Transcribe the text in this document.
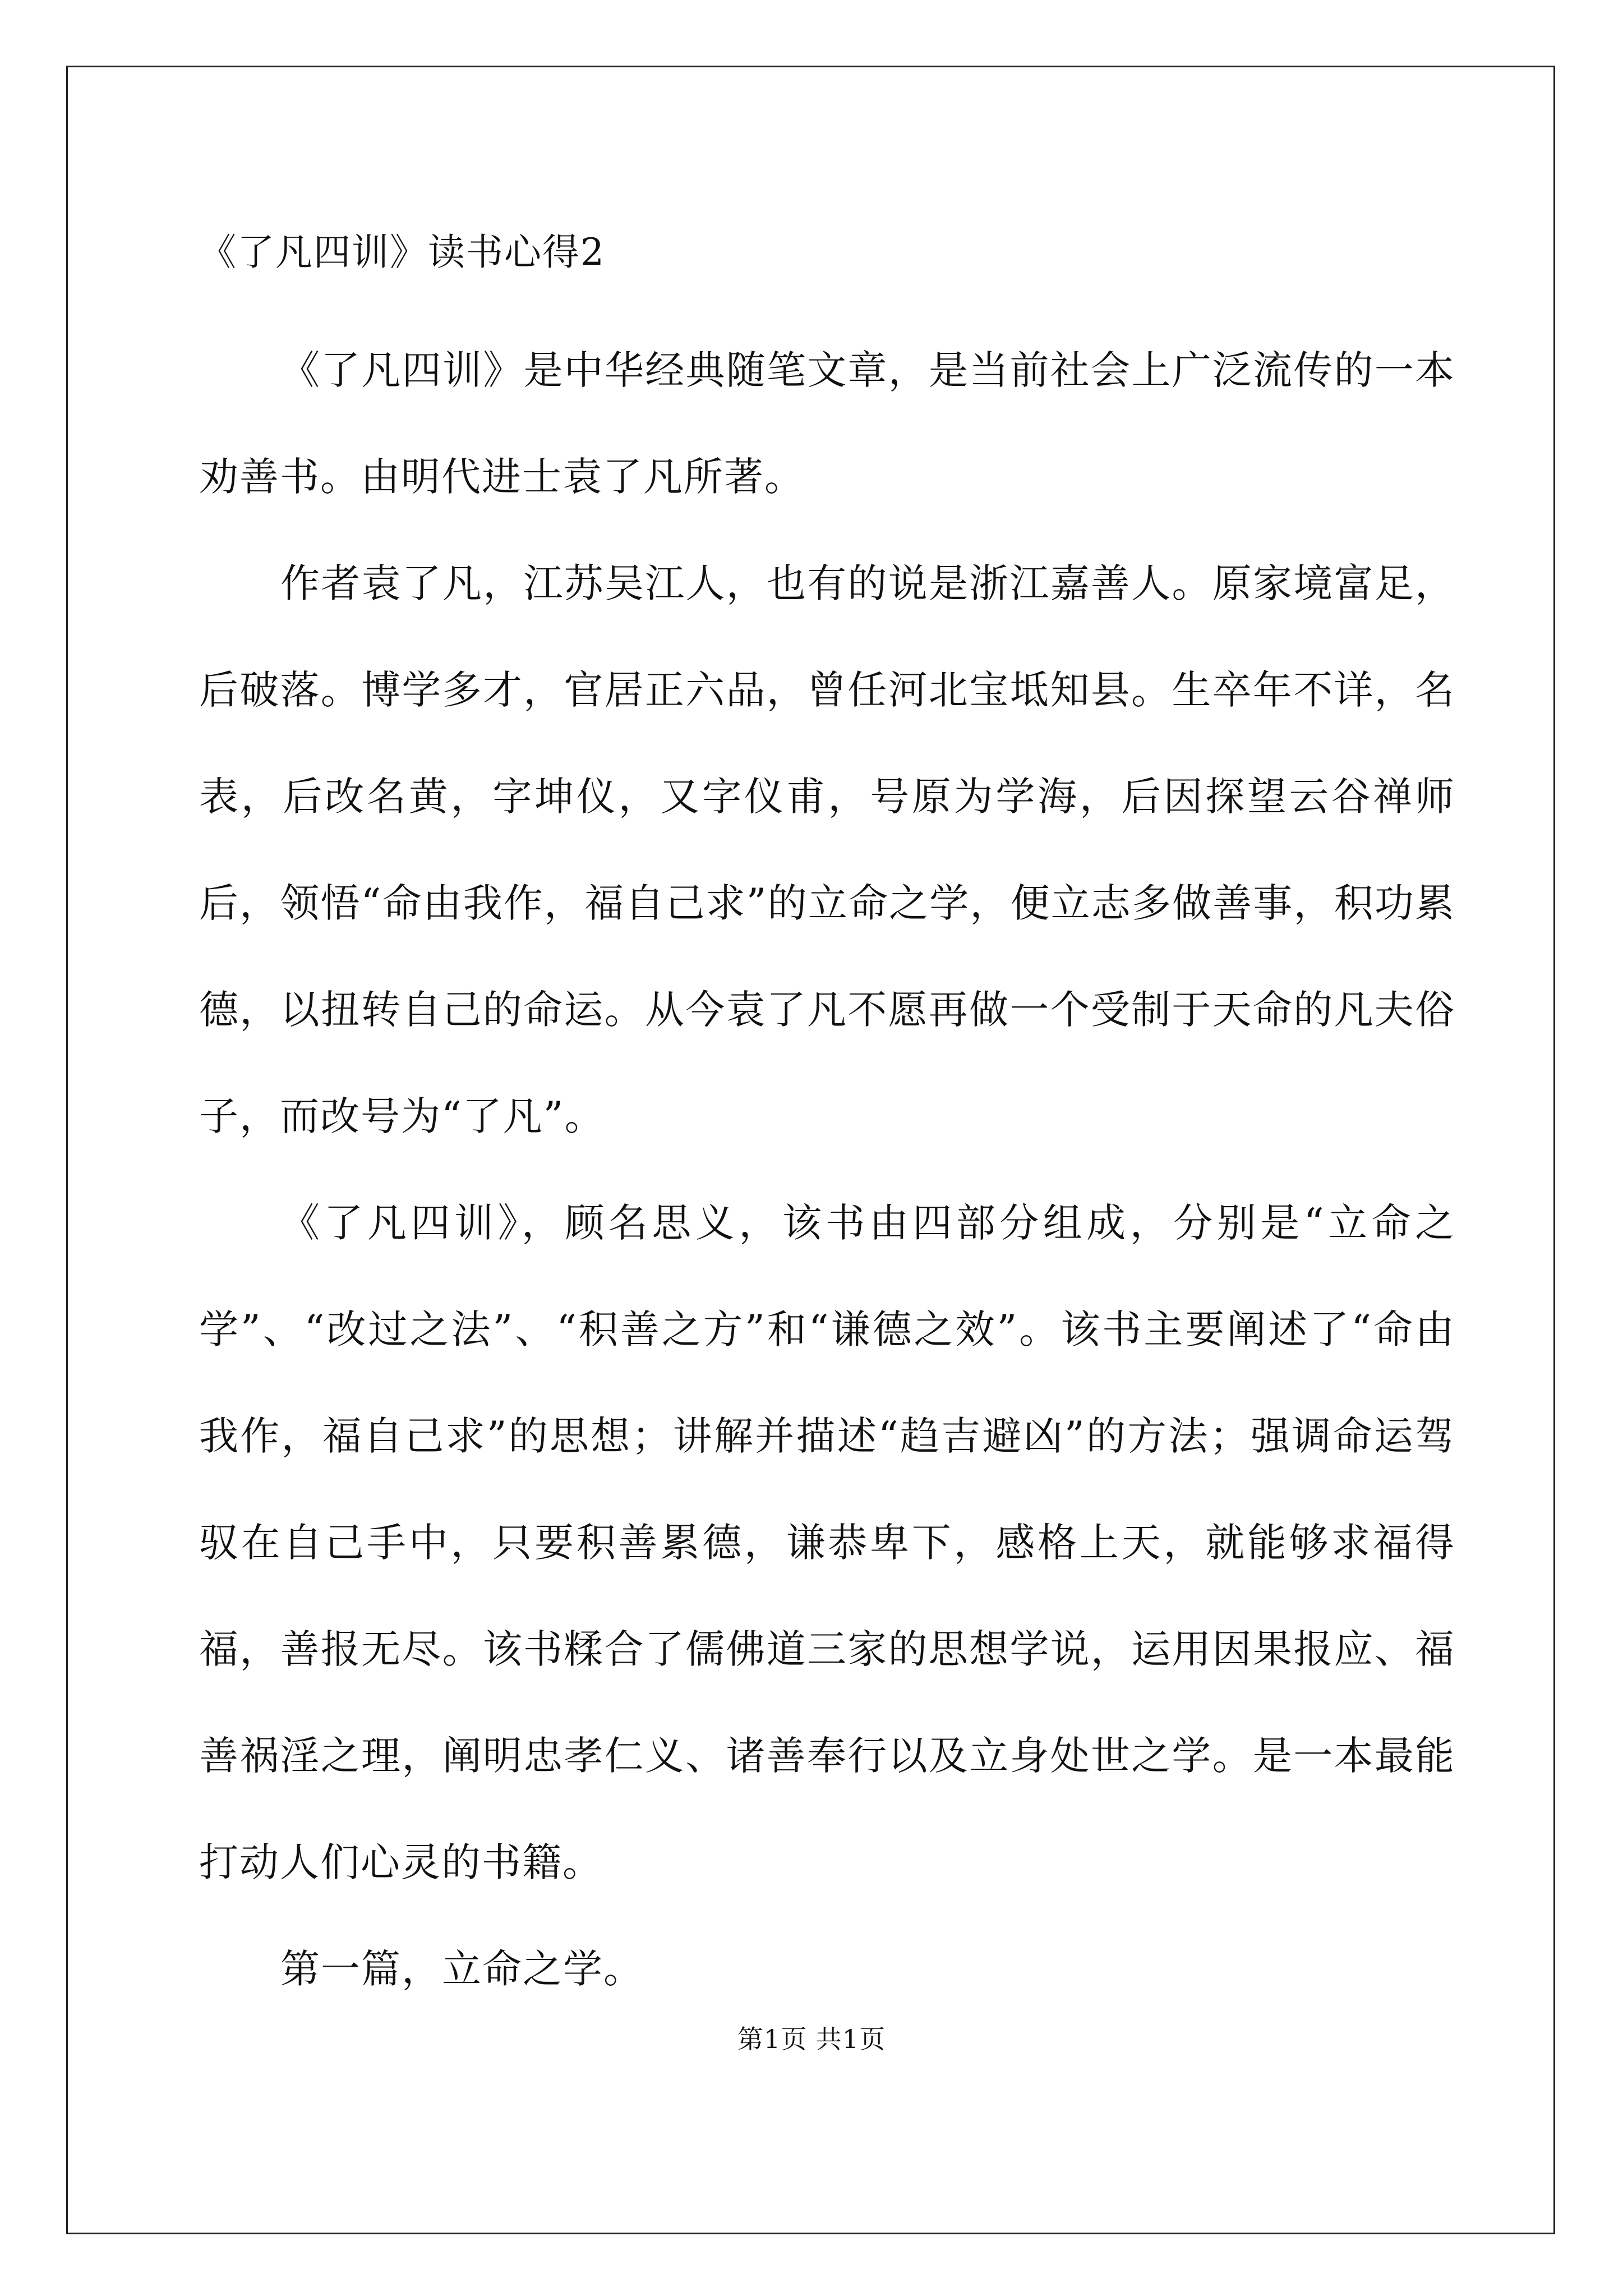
《了凡四训》读书心得2

《了凡四训》是中华经典随笔文章，是当前社会上广泛流传的一本劝善书。由明代进士袁了凡所著。

作者袁了凡，江苏吴江人，也有的说是浙江嘉善人。原家境富足，后破落。博学多才，官居正六品，曾任河北宝坻知县。生卒年不详，名表，后改名黄，字坤仪，又字仪甫，号原为学海，后因探望云谷禅师后，领悟“命由我作，福自己求”的立命之学，便立志多做善事，积功累德，以扭转自己的命运。从今袁了凡不愿再做一个受制于天命的凡夫俗子，而改号为“了凡”。

《了凡四训》，顾名思义，该书由四部分组成，分别是“立命之学”、“改过之法”、“积善之方”和“谦德之效”。该书主要阐述了“命由我作，福自己求”的思想；讲解并描述“趋吉避凶”的方法；强调命运驾驭在自己手中，只要积善累德，谦恭卑下，感格上天，就能够求福得福，善报无尽。该书糅合了儒佛道三家的思想学说，运用因果报应、福善祸淫之理，阐明忠孝仁义、诸善奉行以及立身处世之学。是一本最能打动人们心灵的书籍。

第一篇，立命之学。

第1页 共1页
